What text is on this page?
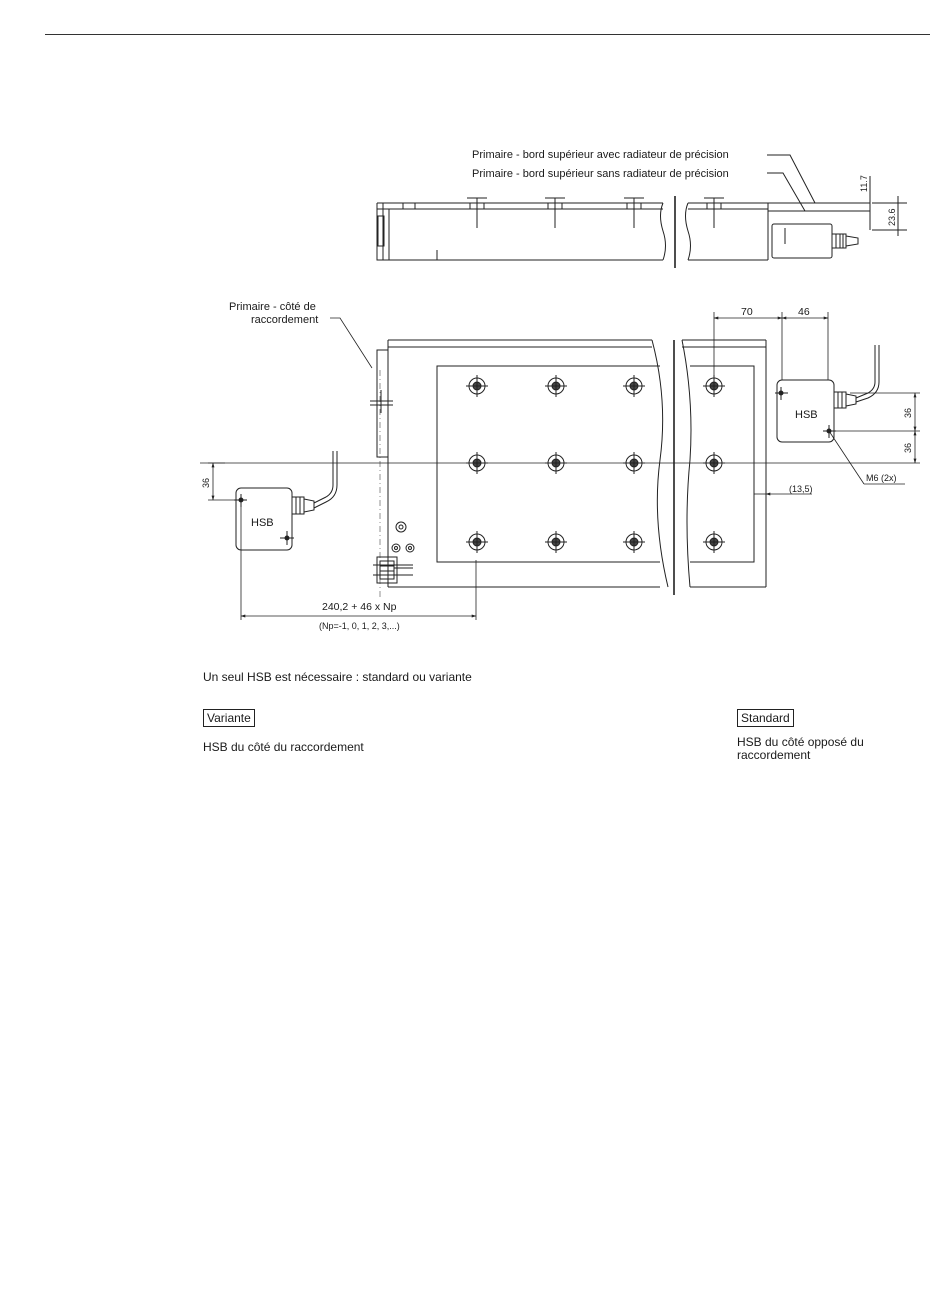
Primaire - bord supérieur avec radiateur de précision
Primaire - bord supérieur sans radiateur de précision
11.7
23.6
HSB
HSB
70	46
36
36
36
(13,5)
M6 (2x)
240,2 + 46 x Np
(Np=-1, 0, 1, 2, 3,...)
Primaire - côté de
raccordement
Un seul HSB est nécessaire : standard ou variante
Variante
HSB du côté du raccordement
Standard
HSB du côté opposé du
raccordement
